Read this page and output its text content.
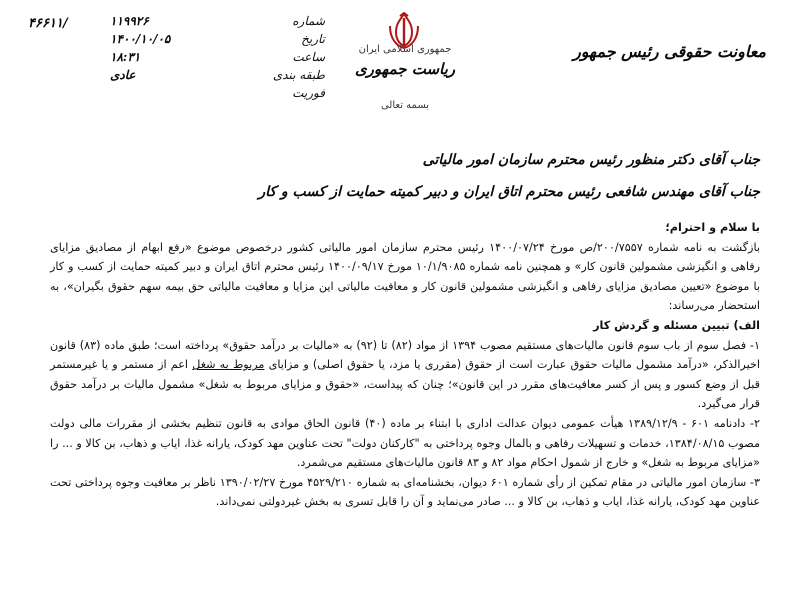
۴۶۶۱۱/	شماره
۱۱۹۹۲۶
تاریخ
۱۴۰۰/۱۰/۰۵
ساعت
۱۸:۳۱
طبقه بندی
عادی
فوریت
جمهوری اسلامی ایران
ریاست جمهوری
بسمه تعالی
معاونت حقوقی رئیس جمهور
جناب آقای دکتر منظور رئیس محترم سازمان امور مالیاتی
جناب آقای مهندس شافعی رئیس محترم اتاق ایران و دبیر کمیته حمایت از کسب و کار

با سلام و احترام؛

بازگشت به نامه شماره ۲۰۰/۷۵۵۷/ص مورخ ۱۴۰۰/۰۷/۲۴ رئیس محترم سازمان امور مالیاتی کشور درخصوص موضوع «رفع ابهام از مصادیق مزایای رفاهی و انگیزشی مشمولین قانون کار» و همچنین نامه شماره ۱۰/۱/۹۰۸۵ مورخ ۱۴۰۰/۰۹/۱۷ رئیس محترم اتاق ایران و دبیر کمیته حمایت از کسب و کار با موضوع «تعیین مصادیق مزایای رفاهی و انگیزشی مشمولین قانون کار و معافیت مالیاتی این مزایا و معافیت مالیاتی حق بیمه سهم حقوق بگیران»، به استحضار می‌رساند:

الف) تبیین مسئله و گردش کار

۱- فصل سوم از باب سوم قانون مالیات‌های مستقیم مصوب ۱۳۹۴ از مواد (۸۲) تا (۹۲) به «مالیات بر درآمد حقوق» پرداخته است؛ طبق ماده (۸۳) قانون اخیرالذکر، «درآمد مشمول مالیات حقوق عبارت است از حقوق (مقرری یا مزد، یا حقوق اصلی) و مزایای مربوط به شغل اعم از مستمر و یا غیرمستمر قبل از وضع کسور و پس از کسر معافیت‌های مقرر در این قانون»؛ چنان که پیداست، «حقوق و مزایای مربوط به شغل» مشمول مالیات بر درآمد حقوق قرار می‌گیرد.

۲- دادنامه ۶۰۱ - ۱۳۸۹/۱۲/۹ هیأت عمومی دیوان عدالت اداری با ابتناء بر ماده (۴۰) قانون الحاق موادی به قانون تنظیم بخشی از مقررات مالی دولت مصوب ۱۳۸۴/۰۸/۱۵، خدمات و تسهیلات رفاهی و بالمال وجوه پرداختی به "کارکنان دولت" تحت عناوین مهد کودک، یارانه غذا، ایاب و ذهاب، بن کالا و ... را «مزایای مربوط به شغل» و خارج از شمول احکام مواد ۸۲ و ۸۳ قانون مالیات‌های مستقیم می‌شمرد.

۳- سازمان امور مالیاتی در مقام تمکین از رأی شماره ۶۰۱ دیوان، بخشنامه‌ای به شماره ۴۵۲۹/۲۱۰ مورخ ۱۳۹۰/۰۲/۲۷ ناظر بر معافیت وجوه پرداختی تحت عناوین مهد کودک، یارانه غذا، ایاب و ذهاب، بن کالا و ... صادر می‌نماید و آن را قابل تسری به بخش غیردولتی نمی‌داند.
